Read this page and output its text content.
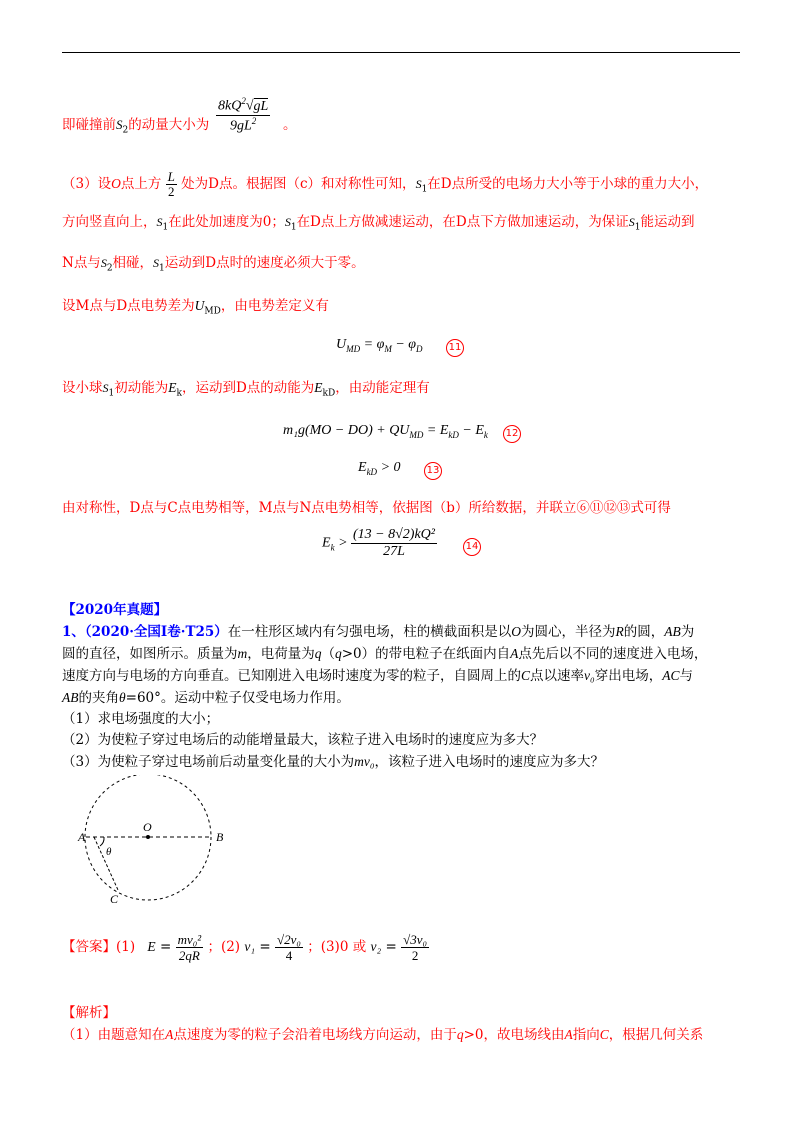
即碰撞前$S_2$的动量大小为 $\frac{8kQ^2√gL}{9gL^2}$ 。
（3）设O点上方 $\frac{L}{2}$ 处为D点。根据图（c）和对称性可知，$S_1$在D点所受的电场力大小等于小球的重力大小，
方向竖直向上，$S_1$在此处加速度为0；$S_1$在D点上方做减速运动，在D点下方做加速运动，为保证$S_1$能运动到
N点与$S_2$相碰，$S_1$运动到D点时的速度必须大于零。
设M点与D点电势差为$U_{MD}$，由电势差定义有
$U_{MD} = \varphi_M - \varphi_D$	11
设小球$S_1$初动能为$E_k$，运动到D点的动能为$E_{kD}$，由动能定理有
$m_1g(MO - DO) + QU_{MD} = E_{kD} - E_k$ 12
$E_{kD} > 0$	13
由对称性，D点与C点电势相等，M点与N点电势相等，依据图（b）所给数据，并联立⑥⑪⑫⑬式可得
$E_k > \frac{\text{(13 − 8√2)kQ²}}{27L}$	14
【2020年真题】
1、（2020·全国Ⅰ卷·T25）在一柱形区域内有匀强电场，柱的横截面积是以O为圆心，半径为R的圆，AB为
圆的直径，如图所示。质量为m，电荷量为q（q>0）的带电粒子在纸面内自A点先后以不同的速度进入电场，
速度方向与电场的方向垂直。已知刚进入电场时速度为零的粒子，自圆周上的C点以速率v₀穿出电场，AC与
AB的夹角θ=60°。运动中粒子仅受电场力作用。
（1）求电场强度的大小；
（2）为使粒子穿过电场后的动能增量最大，该粒子进入电场时的速度应为多大？
（3）为使粒子穿过电场前后动量变化量的大小为mv₀，该粒子进入电场时的速度应为多大？
A	B
O
C
θ
【答案】(1) $E = \frac{\text{mv₀²}}{2qR}$ ；(2) $v_1 = \frac{\text{√2v₀}}{4}$ ；(3)0 或 $v_2 = \frac{\text{√3v₀}}{2}$
【解析】
（1）由题意知在A点速度为零的粒子会沿着电场线方向运动，由于q>0，故电场线由A指向C，根据几何关系
